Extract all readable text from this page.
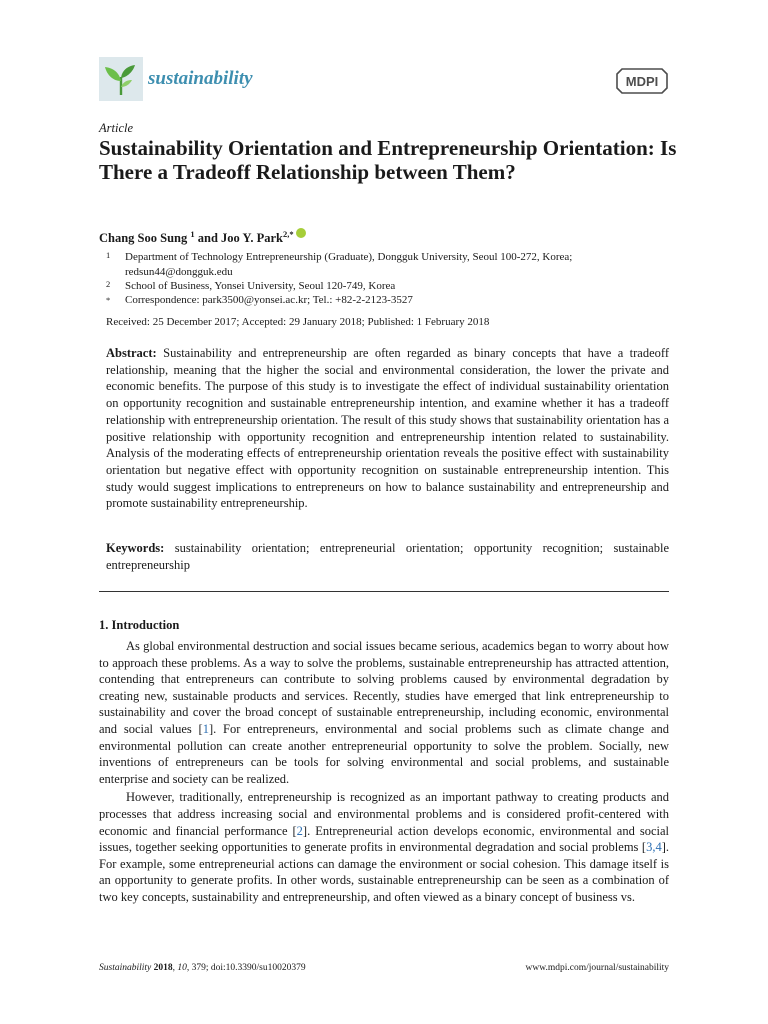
sustainability	MDPI
Article
Sustainability Orientation and Entrepreneurship Orientation: Is There a Tradeoff Relationship between Them?
Chang Soo Sung $^1$ and Joo Y. Park$^{2,*}$
1 Department of Technology Entrepreneurship (Graduate), Dongguk University, Seoul 100-272, Korea;
redsun44@dongguk.edu
2 School of Business, Yonsei University, Seoul 120-749, Korea
* Correspondence: park3500@yonsei.ac.kr; Tel.: +82-2-2123-3527
Received: 25 December 2017; Accepted: 29 January 2018; Published: 1 February 2018

Abstract: Sustainability and entrepreneurship are often regarded as binary concepts that have a tradeoff relationship, meaning that the higher the social and environmental consideration, the lower the private and economic benefits. The purpose of this study is to investigate the effect of individual sustainability orientation on opportunity recognition and sustainable entrepreneurship intention, and examine whether it has a tradeoff relationship with entrepreneurship orientation. The result of this study shows that sustainability orientation has a positive relationship with opportunity recognition and entrepreneurship intention related to sustainability. Analysis of the moderating effects of entrepreneurship orientation reveals the positive effect with sustainability orientation but negative effect with opportunity recognition on sustainable entrepreneurship intention. This study would suggest implications to entrepreneurs on how to balance sustainability and entrepreneurship and promote sustainability entrepreneurship.

Keywords: sustainability orientation; entrepreneurial orientation; opportunity recognition; sustainable entrepreneurship

1. Introduction

As global environmental destruction and social issues became serious, academics began to worry about how to approach these problems. As a way to solve the problems, sustainable entrepreneurship has attracted attention, contending that entrepreneurs can contribute to solving problems caused by environmental degradation by creating new, sustainable products and services. Recently, studies have emerged that link entrepreneurship to sustainability and cover the broad concept of sustainable entrepreneurship, including economic, environmental and social values [1]. For entrepreneurs, environmental and social problems such as climate change and environmental pollution can create another entrepreneurial opportunity to solve the problem. Socially, new inventions of entrepreneurs can be tools for solving environmental and social problems, and sustainable enterprise and society can be realized.

However, traditionally, entrepreneurship is recognized as an important pathway to creating products and processes that address increasing social and environmental problems and is considered profit-centered with economic and financial performance [2]. Entrepreneurial action develops economic, environmental and social issues, together seeking opportunities to generate profits in environmental degradation and social problems [3,4]. For example, some entrepreneurial actions can damage the environment or social cohesion. This damage itself is an opportunity to generate profits. In other words, sustainable entrepreneurship can be seen as a combination of two key concepts, sustainability and entrepreneurship, and often viewed as a binary concept of business vs.

Sustainability 2018, 10, 379; doi:10.3390/su10020379	www.mdpi.com/journal/sustainability
